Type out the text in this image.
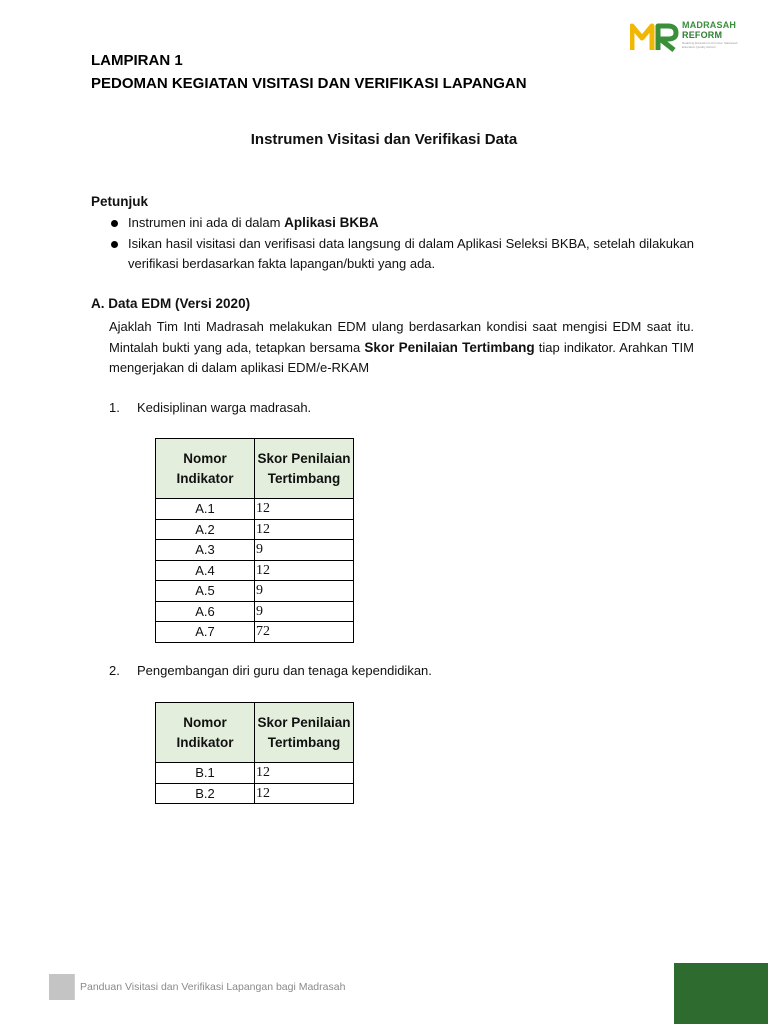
MADRASAH
REFORM
Realizing Education's Promise: Madrasah Education Quality Reform
LAMPIRAN 1
PEDOMAN KEGIATAN VISITASI DAN VERIFIKASI LAPANGAN
Instrumen Visitasi dan Verifikasi Data
Petunjuk
Instrumen ini ada di dalam Aplikasi BKBA
Isikan hasil visitasi dan verifisasi data langsung di dalam Aplikasi Seleksi BKBA, setelah dilakukan verifikasi berdasarkan fakta lapangan/bukti yang ada.
A. Data EDM (Versi 2020)
Ajaklah Tim Inti Madrasah melakukan EDM ulang berdasarkan kondisi saat mengisi EDM saat itu. Mintalah bukti yang ada, tetapkan bersama Skor Penilaian Tertimbang tiap indikator. Arahkan TIM mengerjakan di dalam aplikasi EDM/e-RKAM
1. Kedisiplinan warga madrasah.
Nomor Indikator	Skor Penilaian Tertimbang
A.1	12
A.2	12
A.3	9
A.4	12
A.5	9
A.6	9
A.7	72
2. Pengembangan diri guru dan tenaga kependidikan.
Nomor Indikator	Skor Penilaian Tertimbang
B.1	12
B.2	12
Panduan Visitasi dan Verifikasi Lapangan bagi Madrasah
